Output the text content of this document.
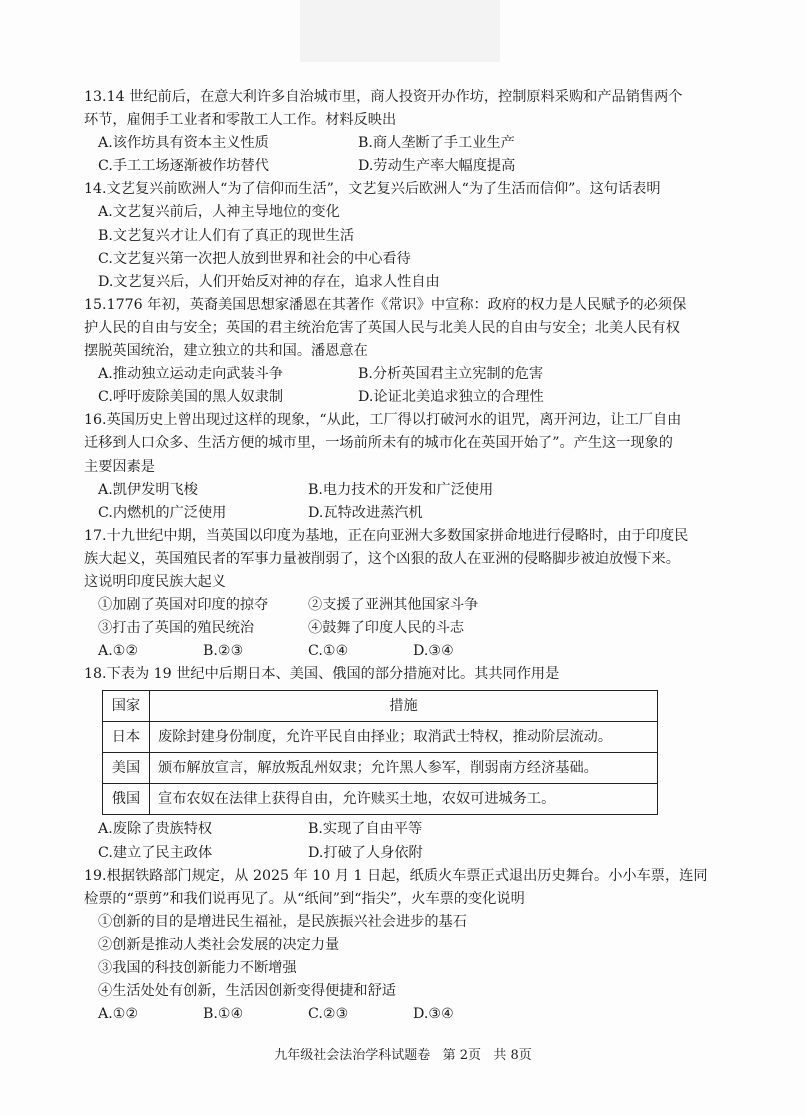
13.14 世纪前后，在意大利许多自治城市里，商人投资开办作坊，控制原料采购和产品销售两个
环节，雇佣手工业者和零散工人工作。材料反映出
A.该作坊具有资本主义性质	B.商人垄断了手工业生产
C.手工工场逐渐被作坊替代	D.劳动生产率大幅度提高
14.文艺复兴前欧洲人“为了信仰而生活”，文艺复兴后欧洲人“为了生活而信仰”。这句话表明
A.文艺复兴前后，人神主导地位的变化
B.文艺复兴才让人们有了真正的现世生活
C.文艺复兴第一次把人放到世界和社会的中心看待
D.文艺复兴后，人们开始反对神的存在，追求人性自由
15.1776 年初，英裔美国思想家潘恩在其著作《常识》中宣称：政府的权力是人民赋予的必须保
护人民的自由与安全；英国的君主统治危害了英国人民与北美人民的自由与安全；北美人民有权
摆脱英国统治，建立独立的共和国。潘恩意在
A.推动独立运动走向武装斗争	B.分析英国君主立宪制的危害
C.呼吁废除美国的黑人奴隶制	D.论证北美追求独立的合理性
16.英国历史上曾出现过这样的现象，“从此，工厂得以打破河水的诅咒，离开河边，让工厂自由
迁移到人口众多、生活方便的城市里，一场前所未有的城市化在英国开始了”。产生这一现象的
主要因素是
A.凯伊发明飞梭	B.电力技术的开发和广泛使用
C.内燃机的广泛使用	D.瓦特改进蒸汽机
17.十九世纪中期，当英国以印度为基地，正在向亚洲大多数国家拼命地进行侵略时，由于印度民
族大起义，英国殖民者的军事力量被削弱了，这个凶狠的敌人在亚洲的侵略脚步被迫放慢下来。
这说明印度民族大起义
①加剧了英国对印度的掠夺	②支援了亚洲其他国家斗争
③打击了英国的殖民统治	④鼓舞了印度人民的斗志
A.①②	B.②③	C.①④	D.③④
18.下表为 19 世纪中后期日本、美国、俄国的部分措施对比。其共同作用是
国家	措施
日本	废除封建身份制度，允许平民自由择业；取消武士特权，推动阶层流动。
美国	颁布解放宣言，解放叛乱州奴隶；允许黑人参军，削弱南方经济基础。
俄国	宣布农奴在法律上获得自由，允许赎买土地，农奴可进城务工。
A.废除了贵族特权	B.实现了自由平等
C.建立了民主政体	D.打破了人身依附
19.根据铁路部门规定，从 2025 年 10 月 1 日起，纸质火车票正式退出历史舞台。小小车票，连同
检票的“票剪”和我们说再见了。从“纸间”到“指尖”，火车票的变化说明
①创新的目的是增进民生福祉，是民族振兴社会进步的基石
②创新是推动人类社会发展的决定力量
③我国的科技创新能力不断增强
④生活处处有创新，生活因创新变得便捷和舒适
A.①②	B.①④	C.②③	D.③④
九年级社会法治学科试题卷   第 2页   共 8页
